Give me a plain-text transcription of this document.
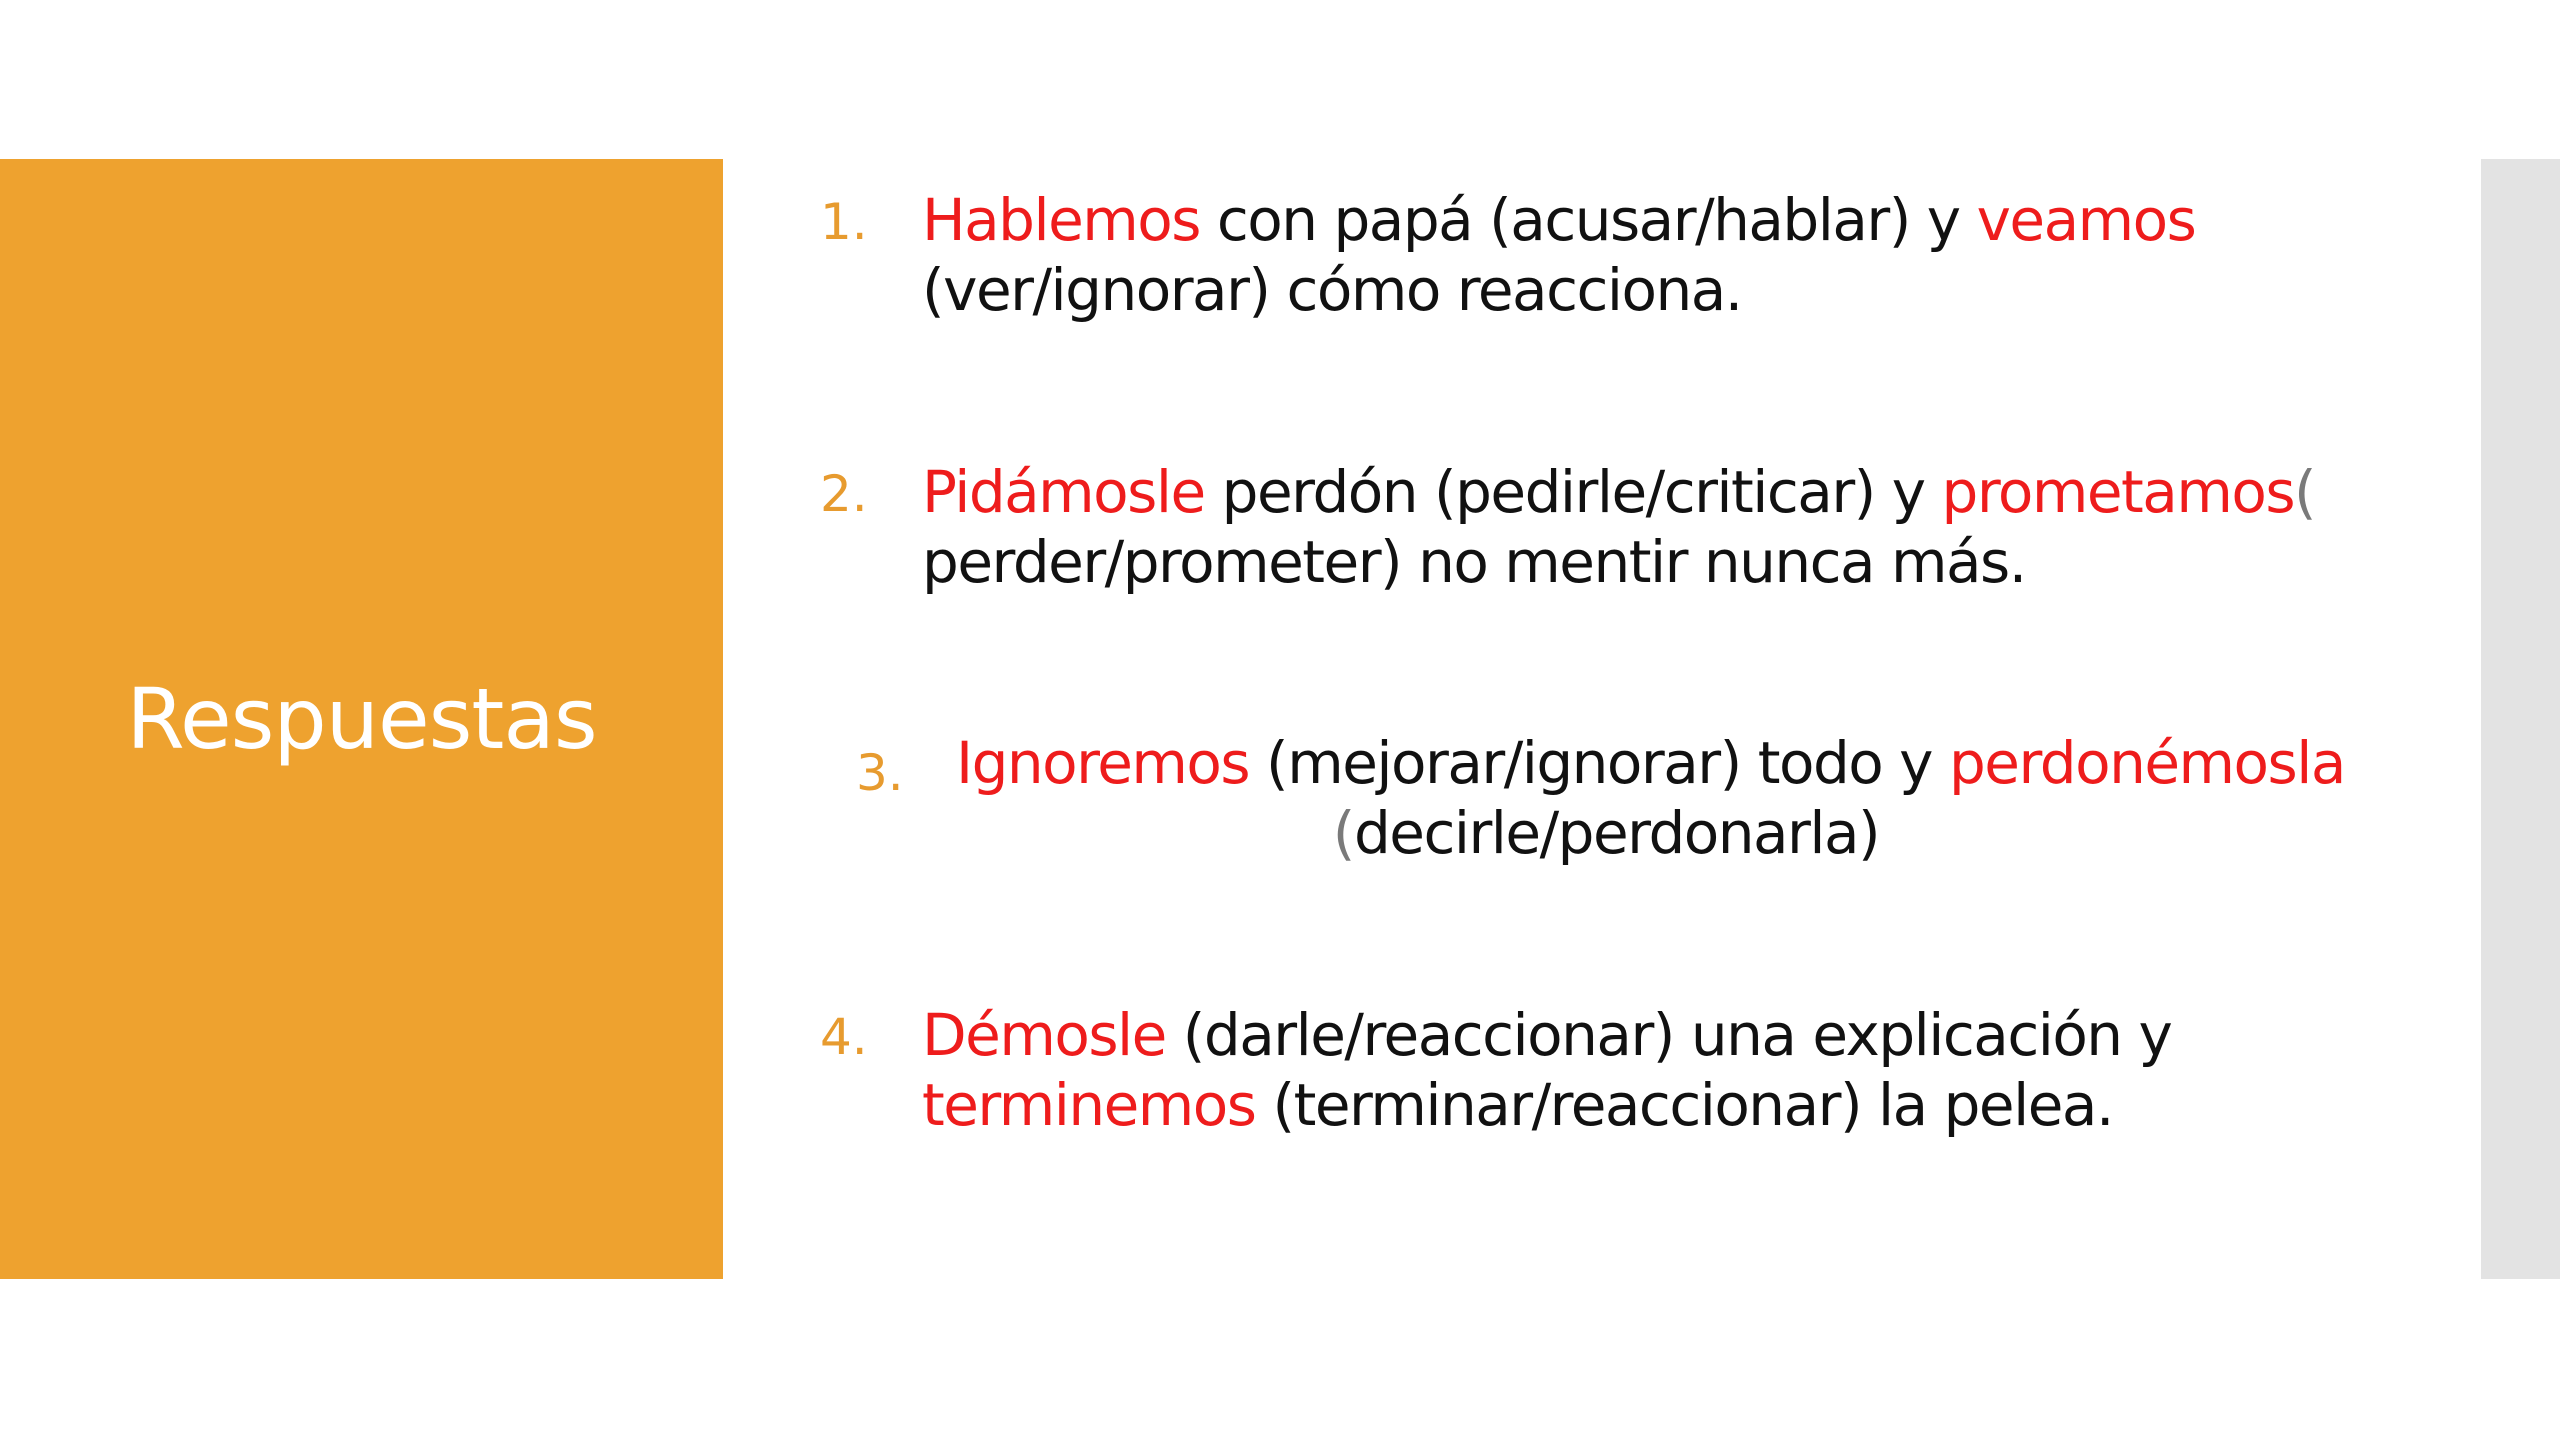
Respuestas
1. Hablemos con papá (acusar/hablar) y veamos
(ver/ignorar) cómo reacciona.
2. Pidámosle perdón (pedirle/criticar) y prometamos(
perder/prometer) no mentir nunca más.
3. Ignoremos (mejorar/ignorar) todo y perdonémosla
(decirle/perdonarla)
4. Démosle (darle/reaccionar) una explicación y
terminemos (terminar/reaccionar) la pelea.
